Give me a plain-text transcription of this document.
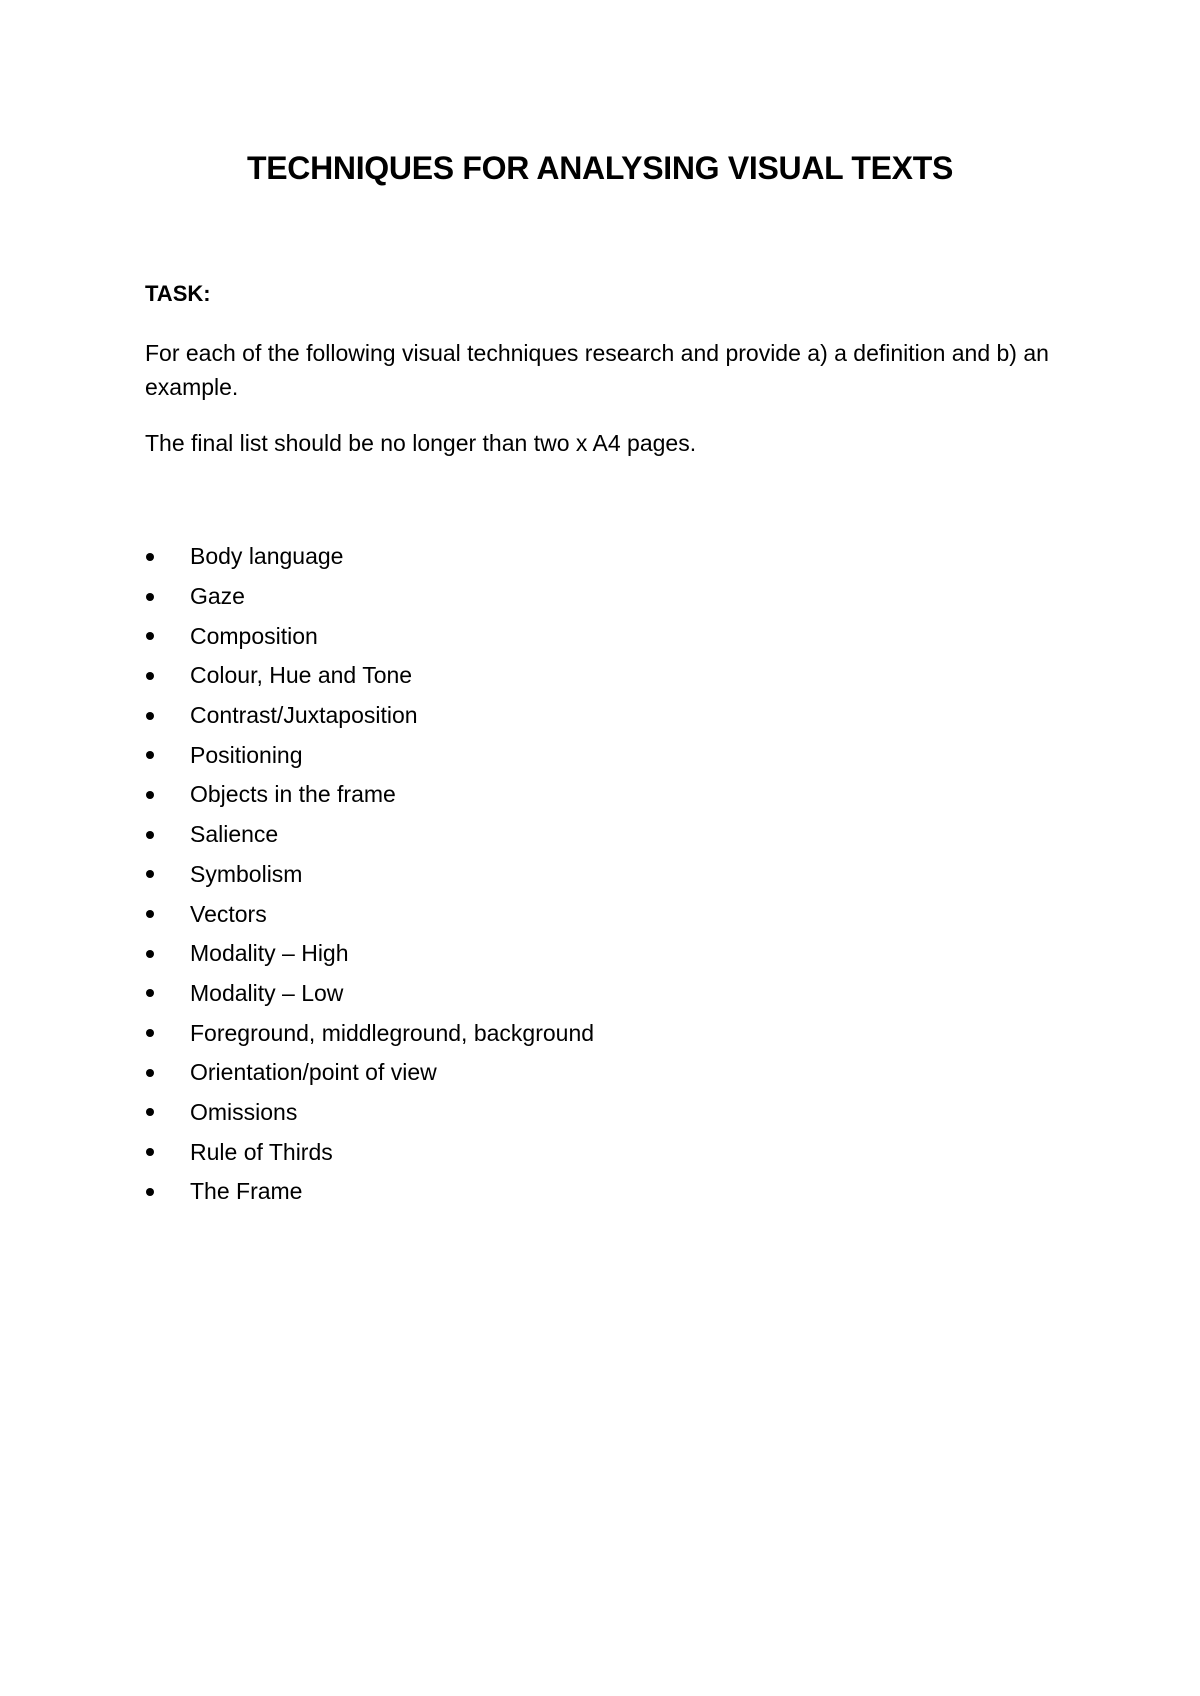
TECHNIQUES FOR ANALYSING VISUAL TEXTS

TASK:

For each of the following visual techniques research and provide a) a definition and b) an example.

The final list should be no longer than two x A4 pages.

Body language
Gaze
Composition
Colour, Hue and Tone
Contrast/Juxtaposition
Positioning
Objects in the frame
Salience
Symbolism
Vectors
Modality – High
Modality – Low
Foreground, middleground, background
Orientation/point of view
Omissions
Rule of Thirds
The Frame
